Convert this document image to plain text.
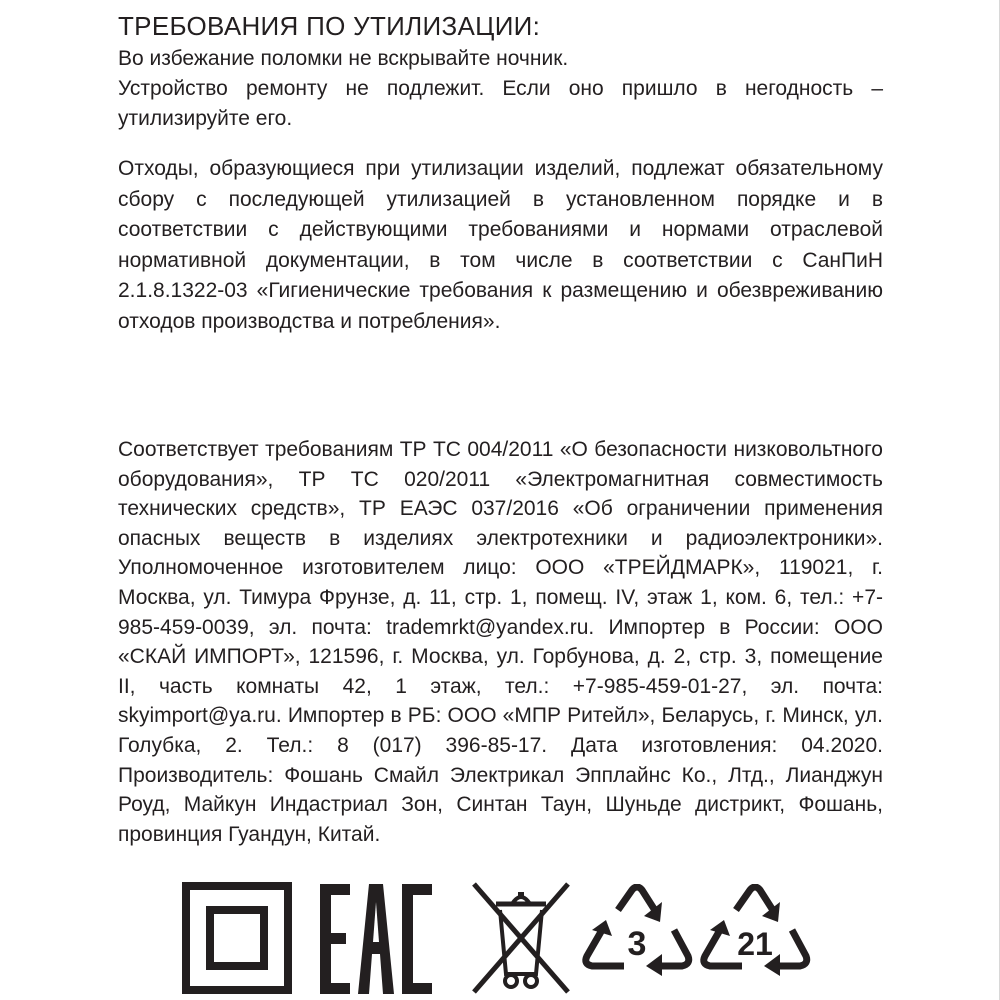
ТРЕБОВАНИЯ ПО УТИЛИЗАЦИИ:

Во избежание поломки не вскрывайте ночник.

Устройство ремонту не подлежит. Если оно пришло в негодность –

утилизируйте его.

Отходы, образующиеся при утилизации изделий, подлежат обязательному сбору с последующей утилизацией в установленном порядке и в соответствии с действующими требованиями и нормами отраслевой нормативной документации, в том числе в соответствии с СанПиН 2.1.8.1322-03 «Гигиенические требования к размещению и обезвреживанию отходов производства и потребления».
Соответствует требованиям ТР ТС 004/2011 «О безопасности низковольтного оборудования», ТР ТС 020/2011 «Электромагнитная совместимость технических средств», ТР ЕАЭС 037/2016 «Об ограничении применения опасных веществ в изделиях электротехники и радиоэлектроники». Уполномоченное изготовителем лицо: ООО «ТРЕЙДМАРК», 119021, г. Москва, ул. Тимура Фрунзе, д. 11, стр. 1, помещ. IV, этаж 1, ком. 6, тел.: +7-985-459-0039, эл. почта: trademrkt@yandex.ru. Импортер в России: ООО «СКАЙ ИМПОРТ», 121596, г. Москва, ул. Горбунова, д. 2, стр. 3, помещение II, часть комнаты 42, 1 этаж, тел.: +7-985-459-01-27, эл. почта: skyimport@ya.ru. Импортер в РБ: ООО «МПР Ритейл», Беларусь, г. Минск, ул. Голубка, 2. Тел.: 8 (017) 396-85-17. Дата изготовления: 04.2020. Производитель: Фошань Смайл Электрикал Эпплайнс Ко., Лтд., Лианджун Роуд, Майкун Индастриал Зон, Синтан Таун, Шуньде дистрикт, Фошань, провинция Гуандун, Китай.
3	21
